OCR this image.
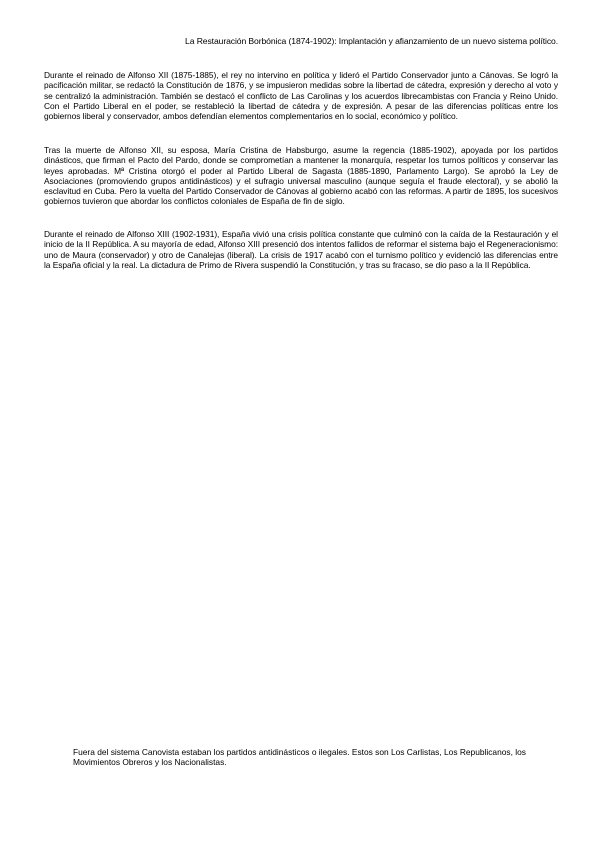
La Restauración Borbónica (1874-1902): Implantación y afianzamiento de un nuevo sistema político.

Durante el reinado de Alfonso XII (1875-1885), el rey no intervino en política y lideró el Partido Conservador junto a Cánovas. Se logró la pacificación militar, se redactó la Constitución de 1876, y se impusieron medidas sobre la libertad de cátedra, expresión y derecho al voto y se centralizó la administración. También se destacó el conflicto de Las Carolinas y los acuerdos librecambistas con Francia y Reino Unido. Con el Partido Liberal en el poder, se restableció la libertad de cátedra y de expresión. A pesar de las diferencias políticas entre los gobiernos liberal y conservador, ambos defendían elementos complementarios en lo social, económico y político.

Tras la muerte de Alfonso XII, su esposa, María Cristina de Habsburgo, asume la regencia (1885-1902), apoyada por los partidos dinásticos, que firman el Pacto del Pardo, donde se comprometían a mantener la monarquía, respetar los turnos políticos y conservar las leyes aprobadas. Mª Cristina otorgó el poder al Partido Liberal de Sagasta (1885-1890, Parlamento Largo). Se aprobó la Ley de Asociaciones (promoviendo grupos antidinásticos) y el sufragio universal masculino (aunque seguía el fraude electoral), y se abolió la esclavitud en Cuba. Pero la vuelta del Partido Conservador de Cánovas al gobierno acabó con las reformas. A partir de 1895, los sucesivos gobiernos tuvieron que abordar los conflictos coloniales de España de fin de siglo.

Durante el reinado de Alfonso XIII (1902-1931), España vivió una crisis política constante que culminó con la caída de la Restauración y el inicio de la II República. A su mayoría de edad, Alfonso XIII presenció dos intentos fallidos de reformar el sistema bajo el Regeneracionismo: uno de Maura (conservador) y otro de Canalejas (liberal). La crisis de 1917 acabó con el turnismo político y evidenció las diferencias entre la España oficial y la real. La dictadura de Primo de Rivera suspendió la Constitución, y tras su fracaso, se dio paso a la II República.

Fuera del sistema Canovista estaban los partidos antidinásticos o ilegales. Estos son Los Carlistas, Los Republicanos, los Movimientos Obreros y los Nacionalistas.
